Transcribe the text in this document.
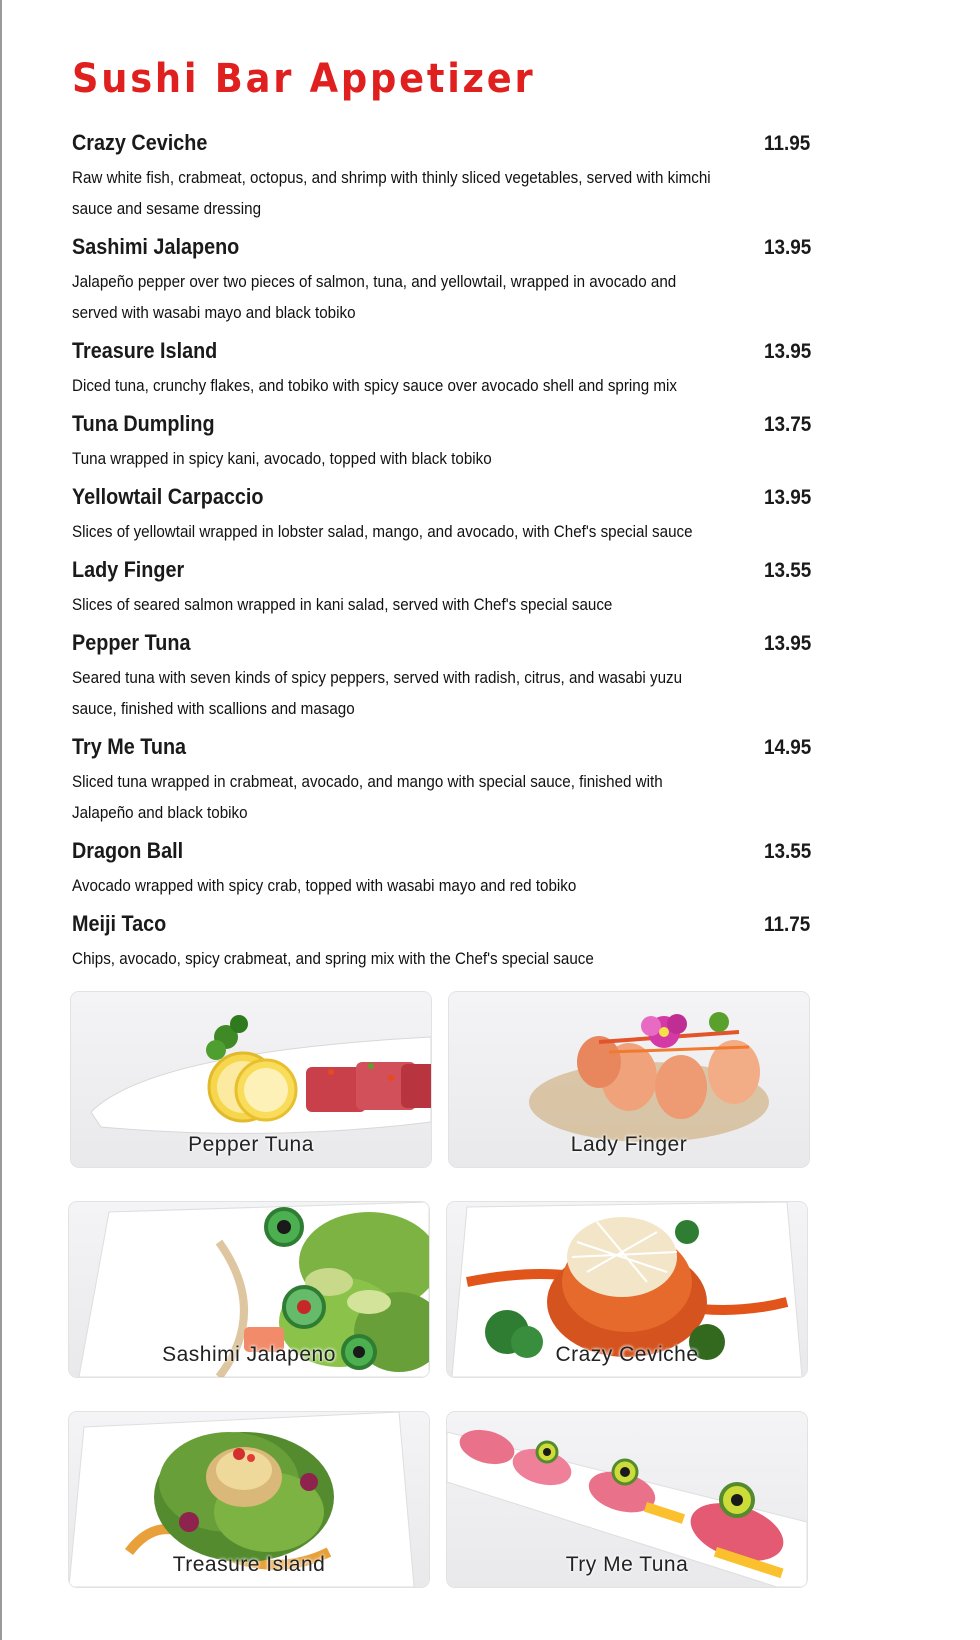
Sushi Bar Appetizer
Crazy Ceviche	11.95
Raw white fish, crabmeat, octopus, and shrimp with thinly sliced vegetables, served with kimchi sauce and sesame dressing
Sashimi Jalapeno	13.95
Jalapeño pepper over two pieces of salmon, tuna, and yellowtail, wrapped in avocado and served with wasabi mayo and black tobiko
Treasure Island	13.95
Diced tuna, crunchy flakes, and tobiko with spicy sauce over avocado shell and spring mix
Tuna Dumpling	13.75
Tuna wrapped in spicy kani, avocado, topped with black tobiko
Yellowtail Carpaccio	13.95
Slices of yellowtail wrapped in lobster salad, mango, and avocado, with Chef's special sauce
Lady Finger	13.55
Slices of seared salmon wrapped in kani salad, served with Chef's special sauce
Pepper Tuna	13.95
Seared tuna with seven kinds of spicy peppers, served with radish, citrus, and wasabi yuzu sauce, finished with scallions and masago
Try Me Tuna	14.95
Sliced tuna wrapped in crabmeat, avocado, and mango with special sauce, finished with Jalapeño and black tobiko
Dragon Ball	13.55
Avocado wrapped with spicy crab, topped with wasabi mayo and red tobiko
Meiji Taco	11.75
Chips, avocado, spicy crabmeat, and spring mix with the Chef's special sauce
Pepper Tuna	Lady Finger
Sashimi Jalapeno	Crazy Ceviche
Treasure Island	Try Me Tuna
